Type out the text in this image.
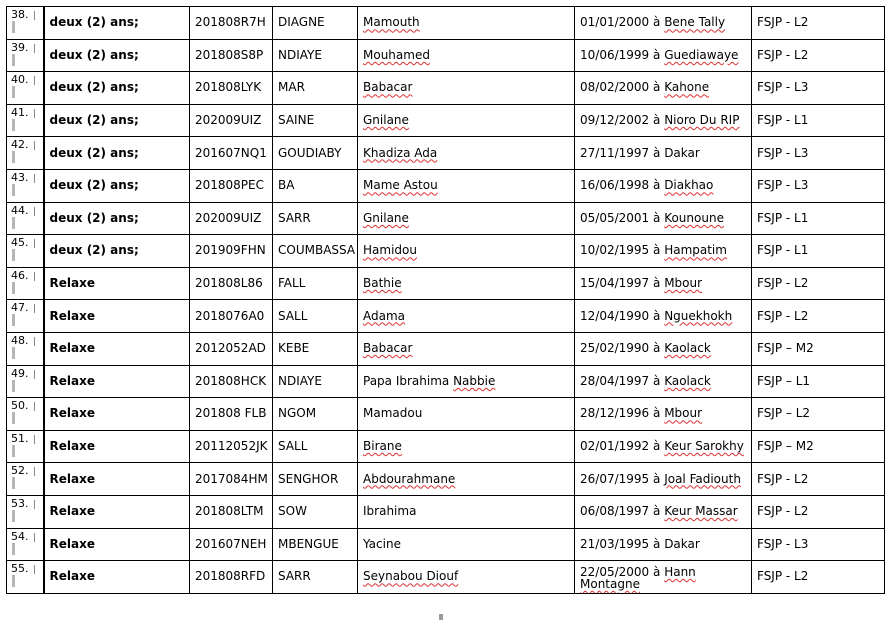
38.	deux (2) ans;	201808R7H	DIAGNE	Mamouth	01/01/2000 à Bene Tally	FSJP - L2

39.	deux (2) ans;	201808S8P	NDIAYE	Mouhamed	10/06/1999 à Guediawaye	FSJP - L2

40.	deux (2) ans;	201808LYK	MAR	Babacar	08/02/2000 à Kahone	FSJP - L3

41.	deux (2) ans;	202009UIZ	SAINE	Gnilane	09/12/2002 à Nioro Du RIP	FSJP - L1

42.	deux (2) ans;	201607NQ1	GOUDIABY	Khadiza Ada	27/11/1997 à Dakar	FSJP - L3

43.	deux (2) ans;	201808PEC	BA	Mame Astou	16/06/1998 à Diakhao	FSJP - L3

44.	deux (2) ans;	202009UIZ	SARR	Gnilane	05/05/2001 à Kounoune	FSJP - L1

45.	deux (2) ans;	201909FHN	COUMBASSA	Hamidou	10/02/1995 à Hampatim	FSJP - L1

46.	Relaxe	201808L86	FALL	Bathie	15/04/1997 à Mbour	FSJP - L2

47.	Relaxe	2018076A0	SALL	Adama	12/04/1990 à Nguekhokh	FSJP - L2

48.	Relaxe	2012052AD	KEBE	Babacar	25/02/1990 à Kaolack	FSJP – M2

49.	Relaxe	201808HCK	NDIAYE	Papa Ibrahima Nabbie	28/04/1997 à Kaolack	FSJP – L1

50.	Relaxe	201808 FLB	NGOM	Mamadou	28/12/1996 à Mbour	FSJP – L2

51.	Relaxe	20112052JK	SALL	Birane	02/01/1992 à Keur Sarokhy	FSJP – M2

52.	Relaxe	2017084HM	SENGHOR	Abdourahmane	26/07/1995 à Joal Fadiouth	FSJP - L2

53.	Relaxe	201808LTM	SOW	Ibrahima	06/08/1997 à Keur Massar	FSJP - L2

54.	Relaxe	201607NEH	MBENGUE	Yacine	21/03/1995 à Dakar	FSJP - L3

55.	Relaxe	201808RFD	SARR	Seynabou Diouf	22/05/2000 à Hann
Montagne	FSJP - L2
